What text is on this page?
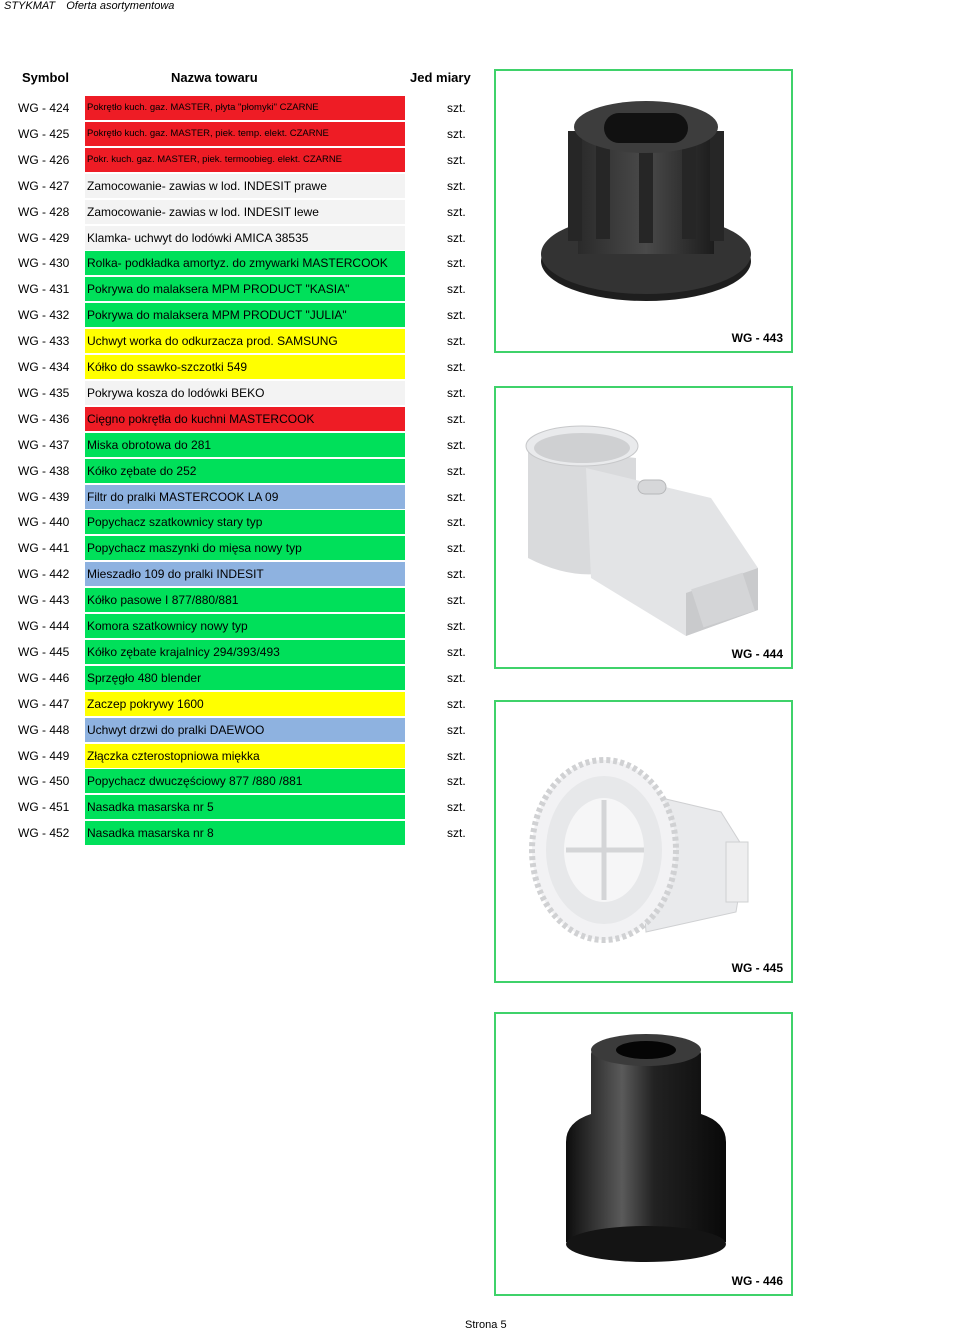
STYKMAT Oferta asortymentowa
Symbol	Nazwa towaru	Jed miary
WG - 424 Pokrętło kuch. gaz. MASTER, płyta "płomyki" CZARNE	szt.
WG - 425 Pokrętło kuch. gaz. MASTER, piek. temp. elekt. CZARNE	szt.
WG - 426 Pokr. kuch. gaz. MASTER, piek. termoobieg. elekt. CZARNE	szt.
WG - 427 Zamocowanie- zawias w lod. INDESIT prawe	szt.
WG - 428 Zamocowanie- zawias w lod. INDESIT lewe	szt.
WG - 429 Klamka- uchwyt do lodówki AMICA 38535	szt.
WG - 430 Rolka- podkładka amortyz. do zmywarki MASTERCOOK	szt.
WG - 431 Pokrywa do malaksera MPM PRODUCT "KASIA"	szt.
WG - 432 Pokrywa do malaksera MPM PRODUCT "JULIA"	szt.
WG - 433 Uchwyt worka do odkurzacza prod. SAMSUNG	szt.
WG - 434 Kółko do ssawko-szczotki 549	szt.
WG - 435 Pokrywa kosza do lodówki BEKO	szt.
WG - 436 Cięgno pokrętła do kuchni MASTERCOOK	szt.
WG - 437 Miska obrotowa do 281	szt.
WG - 438 Kółko zębate do 252	szt.
WG - 439 Filtr do pralki MASTERCOOK LA 09	szt.
WG - 440 Popychacz szatkownicy stary typ	szt.
WG - 441 Popychacz maszynki do mięsa nowy typ	szt.
WG - 442 Mieszadło 109 do pralki INDESIT	szt.
WG - 443 Kółko pasowe I 877/880/881	szt.
WG - 444 Komora szatkownicy nowy typ	szt.
WG - 445 Kółko zębate krajalnicy 294/393/493	szt.
WG - 446 Sprzęgło 480 blender	szt.
WG - 447 Zaczep pokrywy 1600	szt.
WG - 448 Uchwyt drzwi do pralki DAEWOO	szt.
WG - 449 Złączka czterostopniowa miękka	szt.
WG - 450 Popychacz dwuczęściowy 877 /880 /881	szt.
WG - 451 Nasadka masarska nr 5	szt.
WG - 452 Nasadka masarska nr 8	szt.
WG - 443
WG - 444
WG - 445
WG - 446
Strona 5
